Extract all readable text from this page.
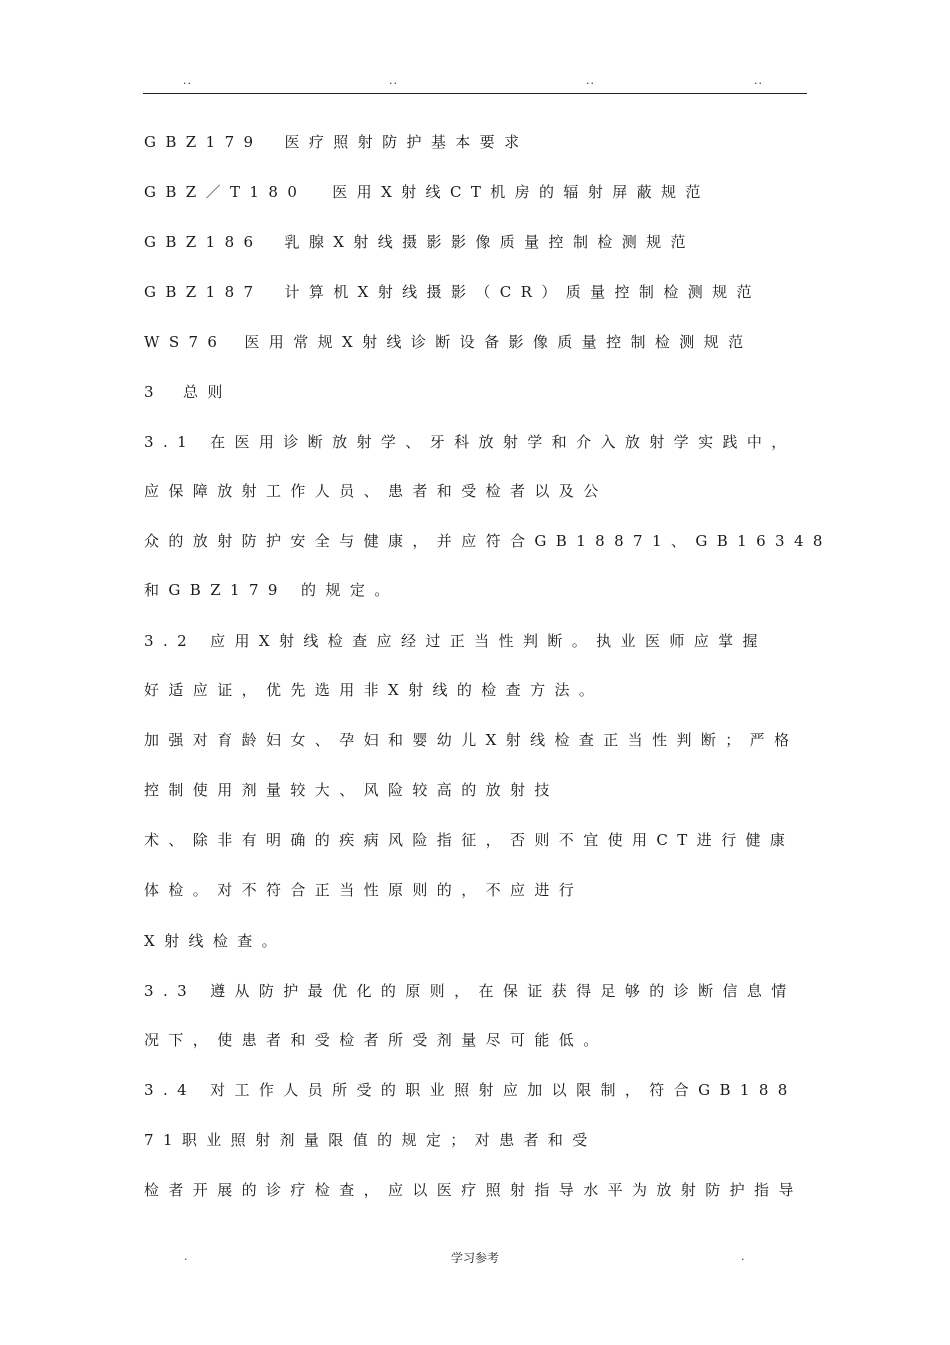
..	..	..	..
GBZ179 医疗照射防护基本要求
GBZ／T180 医用X射线CT机房的辐射屏蔽规范
GBZ186 乳腺X射线摄影影像质量控制检测规范
GBZ187 计算机X射线摄影（CR）质量控制检测规范
WS76 医用常规X射线诊断设备影像质量控制检测规范
3 总则
3.1 在医用诊断放射学、牙科放射学和介入放射学实践中，
应保障放射工作人员、患者和受检者以及公
众的放射防护安全与健康，并应符合GB18871、GB16348
和GBZ179 的规定。
3.2 应用X射线检查应经过正当性判断。执业医师应掌握
好适应证，优先选用非X射线的检查方法。
加强对育龄妇女、孕妇和婴幼儿X射线检查正当性判断；严格
控制使用剂量较大、风险较高的放射技
术、除非有明确的疾病风险指征，否则不宜使用CT进行健康
体检。对不符合正当性原则的，不应进行
X射线检查。
3.3 遵从防护最优化的原则，在保证获得足够的诊断信息情
况下，使患者和受检者所受剂量尽可能低。
3.4 对工作人员所受的职业照射应加以限制，符合GB188
71职业照射剂量限值的规定；对患者和受
检者开展的诊疗检查，应以医疗照射指导水平为放射防护指导
.	学习参考	.
